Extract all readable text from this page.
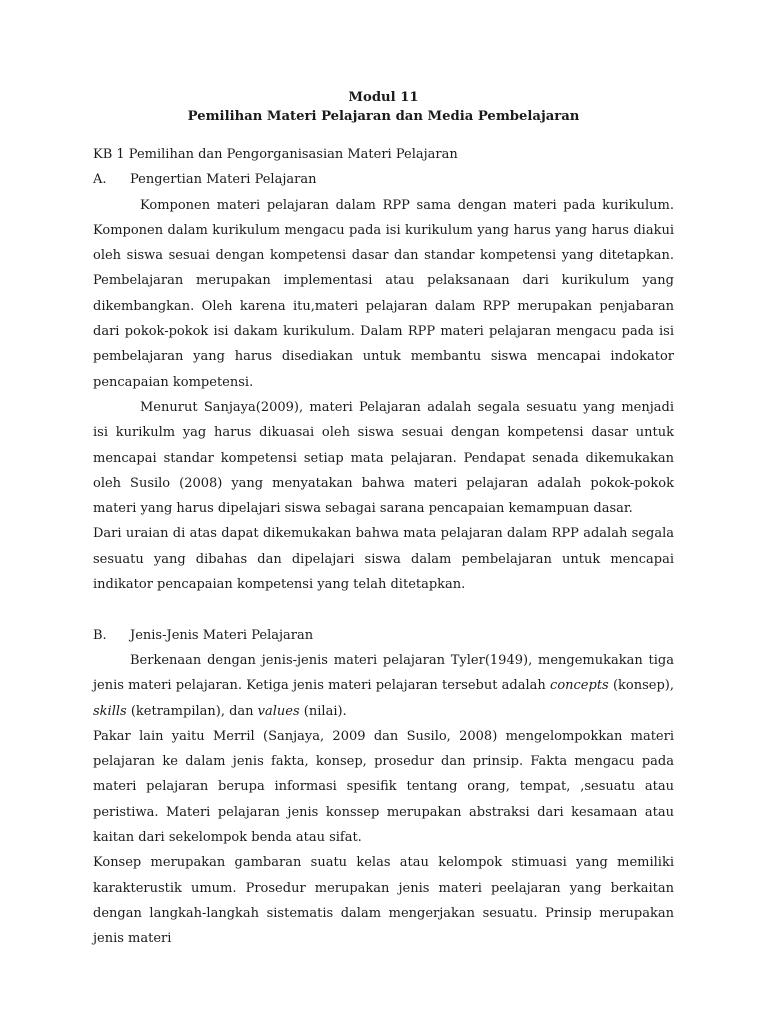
Modul 11
Pemilihan Materi Pelajaran dan Media Pembelajaran

KB 1 Pemilihan dan Pengorganisasian Materi Pelajaran

A. Pengertian Materi Pelajaran

Komponen materi pelajaran dalam RPP sama dengan materi pada kurikulum. Komponen dalam kurikulum mengacu pada isi kurikulum yang harus yang harus diakui oleh siswa sesuai dengan kompetensi dasar dan standar kompetensi yang ditetapkan. Pembelajaran merupakan implementasi atau pelaksanaan dari kurikulum yang dikembangkan. Oleh karena itu,materi pelajaran dalam RPP merupakan penjabaran dari pokok-pokok isi dakam kurikulum. Dalam RPP materi pelajaran mengacu pada isi pembelajaran yang harus disediakan untuk membantu siswa mencapai indokator pencapaian kompetensi.

Menurut Sanjaya(2009), materi Pelajaran adalah segala sesuatu yang menjadi isi kurikulm yag harus dikuasai oleh siswa sesuai dengan kompetensi dasar untuk mencapai standar kompetensi setiap mata pelajaran. Pendapat senada dikemukakan oleh Susilo (2008) yang menyatakan bahwa materi pelajaran adalah pokok-pokok materi yang harus dipelajari siswa sebagai sarana pencapaian kemampuan dasar.

Dari uraian di atas dapat dikemukakan bahwa mata pelajaran dalam RPP adalah segala sesuatu yang dibahas dan dipelajari siswa dalam pembelajaran untuk mencapai indikator pencapaian kompetensi yang telah ditetapkan.

B. Jenis-Jenis Materi Pelajaran

Berkenaan dengan jenis-jenis materi pelajaran Tyler(1949), mengemukakan tiga jenis materi pelajaran. Ketiga jenis materi pelajaran tersebut adalah concepts (konsep), skills (ketrampilan), dan values (nilai).

Pakar lain yaitu Merril (Sanjaya, 2009 dan Susilo, 2008) mengelompokkan materi pelajaran ke dalam jenis fakta, konsep, prosedur dan prinsip. Fakta mengacu pada materi pelajaran berupa informasi spesifik tentang orang, tempat, ,sesuatu atau peristiwa. Materi pelajaran jenis konssep merupakan abstraksi dari kesamaan atau kaitan dari sekelompok benda atau sifat.

Konsep merupakan gambaran suatu kelas atau kelompok stimuasi yang memiliki karakterustik umum. Prosedur merupakan jenis materi peelajaran yang berkaitan dengan langkah-langkah sistematis dalam mengerjakan sesuatu. Prinsip merupakan jenis materi
